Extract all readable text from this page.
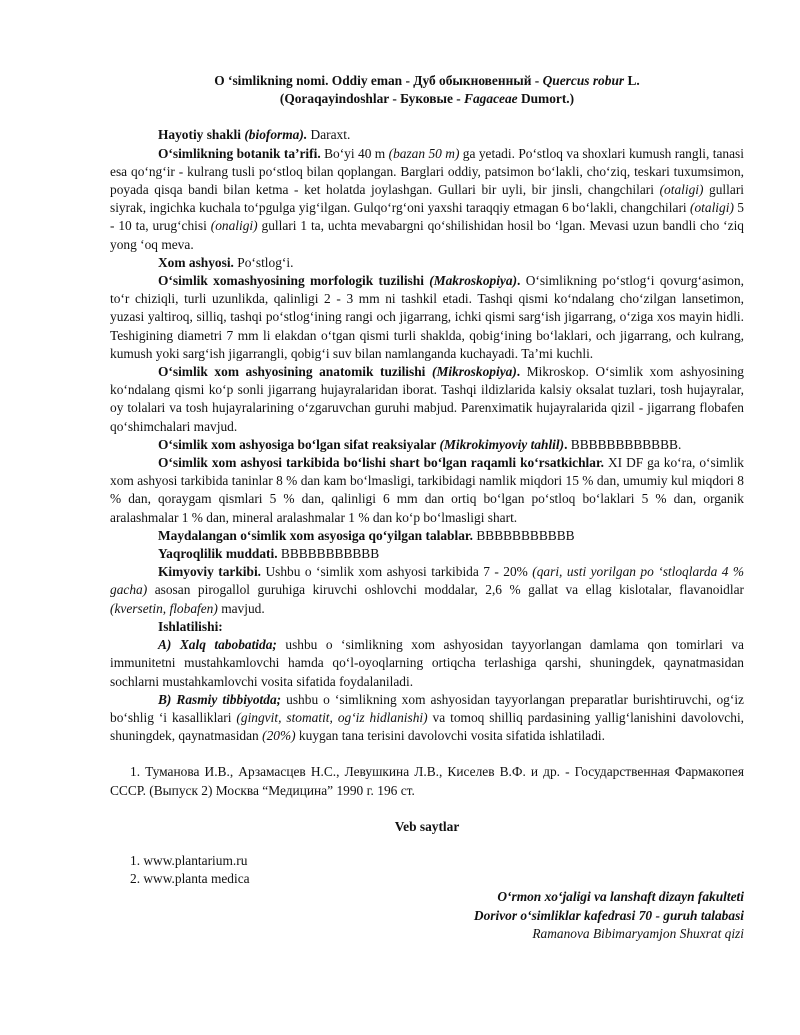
O ‘simlikning nomi. Oddiy eman - Дуб обыкновенный - Quercus robur L.

(Qoraqayindoshlar - Буковые - Fagaceae Dumort.)

Hayotiy shakli (bioforma). Daraxt.

O‘simlikning botanik ta’rifi. Bo‘yi 40 m (bazan 50 m) ga yetadi. Po‘stloq va shoxlari kumush rangli, tanasi esa qo‘ng‘ir - kulrang tusli po‘stloq bilan qoplangan. Barglari oddiy, patsimon bo‘lakli, cho‘ziq, teskari tuxumsimon, poyada qisqa bandi bilan ketma - ket holatda joylashgan. Gullari bir uyli, bir jinsli, changchilari (otaligi) gullari siyrak, ingichka kuchala to‘pgulga yig‘ilgan. Gulqo‘rg‘oni yaxshi taraqqiy etmagan 6 bo‘lakli, changchilari (otaligi) 5 - 10 ta, urug‘chisi (onaligi) gullari 1 ta, uchta mevabargni qo‘shilishidan hosil bo ‘lgan. Mevasi uzun bandli cho ‘ziq yong ‘oq meva.

Xom ashyosi. Po‘stlog‘i.

O‘simlik xomashyosining morfologik tuzilishi (Makroskopiya). O‘simlikning po‘stlog‘i qovurg‘asimon, to‘r chiziqli, turli uzunlikda, qalinligi 2 - 3 mm ni tashkil etadi. Tashqi qismi ko‘ndalang cho‘zilgan lansetimon, yuzasi yaltiroq, silliq, tashqi po‘stlog‘ining rangi och jigarrang, ichki qismi sarg‘ish jigarrang, o‘ziga xos mayin hidli. Teshigining diametri 7 mm li elakdan o‘tgan qismi turli shaklda, qobig‘ining bo‘laklari, och jigarrang, och kulrang, kumush yoki sarg‘ish jigarrangli, qobig‘i suv bilan namlanganda kuchayadi. Ta’mi kuchli.

O‘simlik xom ashyosining anatomik tuzilishi (Mikroskopiya). Mikroskop. O‘simlik xom ashyosining ko‘ndalang qismi ko‘p sonli jigarrang hujayralaridan iborat. Tashqi ildizlarida kalsiy oksalat tuzlari, tosh hujayralar, oy tolalari va tosh hujayralarining o‘zgaruvchan guruhi mabjud. Parenximatik hujayralarida qizil - jigarrang flobafen qo‘shimchalari mavjud.

O‘simlik xom ashyosiga bo‘lgan sifat reaksiyalar (Mikrokimyoviy tahlil). BBBBBBBBBBBB.

O‘simlik xom ashyosi tarkibida bo‘lishi shart bo‘lgan raqamli ko‘rsatkichlar. XI DF ga ko‘ra, o‘simlik xom ashyosi tarkibida taninlar 8 % dan kam bo‘lmasligi, tarkibidagi namlik miqdori 15 % dan, umumiy kul miqdori 8 % dan, qoraygam qismlari 5 % dan, qalinligi 6 mm dan ortiq bo‘lgan po‘stloq bo‘laklari 5 % dan, organik aralashmalar 1 % dan, mineral aralashmalar 1 % dan ko‘p bo‘lmasligi shart.

Maydalangan o‘simlik xom asyosiga qo‘yilgan talablar. BBBBBBBBBBB

Yaqroqlilik muddati. BBBBBBBBBBB

Kimyoviy tarkibi. Ushbu o ‘simlik xom ashyosi tarkibida 7 - 20% (qari, usti yorilgan po ‘stloqlarda 4 % gacha) asosan pirogallol guruhiga kiruvchi oshlovchi moddalar, 2,6 % gallat va ellag kislotalar, flavanoidlar (kversetin, flobafen) mavjud.

Ishlatilishi:

A) Xalq tabobatida; ushbu o ‘simlikning xom ashyosidan tayyorlangan damlama qon tomirlari va immunitetni mustahkamlovchi hamda qo‘l-oyoqlarning ortiqcha terlashiga qarshi, shuningdek, qaynatmasidan sochlarni mustahkamlovchi vosita sifatida foydalaniladi.

B) Rasmiy tibbiyotda; ushbu o ‘simlikning xom ashyosidan tayyorlangan preparatlar burishtiruvchi, og‘iz bo‘shlig ‘i kasalliklari (gingvit, stomatit, og‘iz hidlanishi) va tomoq shilliq pardasining yallig‘lanishini davolovchi, shuningdek, qaynatmasidan (20%) kuygan tana terisini davolovchi vosita sifatida ishlatiladi.

1. Туманова И.В., Арзамасцев Н.С., Левушкина Л.В., Киселев В.Ф. и др. - Государственная Фармакопея СССР. (Выпуск 2) Москва “Медицина” 1990 г. 196 ст.

Veb saytlar

1. www.plantarium.ru

2. www.planta medica

O‘rmon xo‘jaligi va lanshaft dizayn fakulteti

Dorivor o‘simliklar kafedrasi 70 - guruh talabasi

Ramanova Bibimaryamjon Shuxrat qizi
